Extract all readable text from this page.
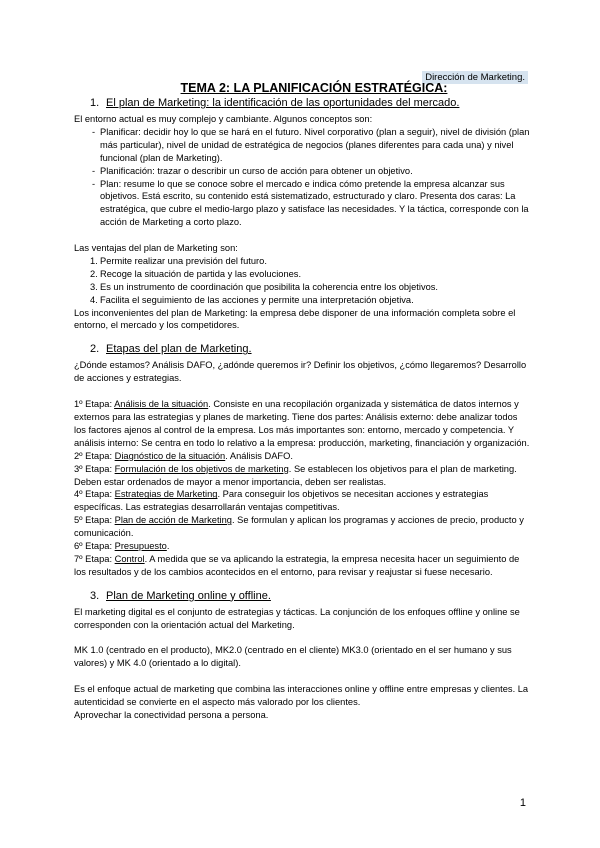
Dirección de Marketing.
TEMA 2: LA PLANIFICACIÓN ESTRATÉGICA:
1. El plan de Marketing: la identificación de las oportunidades del mercado.

El entorno actual es muy complejo y cambiante. Algunos conceptos son:

- Planificar: decidir hoy lo que se hará en el futuro. Nivel corporativo (plan a seguir), nivel de división (plan más particular), nivel de unidad de estratégica de negocios (planes diferentes para cada una) y nivel funcional (plan de Marketing).
- Planificación: trazar o describir un curso de acción para obtener un objetivo.
- Plan: resume lo que se conoce sobre el mercado e indica cómo pretende la empresa alcanzar sus objetivos. Está escrito, su contenido está sistematizado, estructurado y claro. Presenta dos caras: La estratégica, que cubre el medio-largo plazo y satisface las necesidades. Y la táctica, corresponde con la acción de Marketing a corto plazo.

Las ventajas del plan de Marketing son:

1. Permite realizar una previsión del futuro.
2. Recoge la situación de partida y las evoluciones.
3. Es un instrumento de coordinación que posibilita la coherencia entre los objetivos.
4. Facilita el seguimiento de las acciones y permite una interpretación objetiva.

Los inconvenientes del plan de Marketing: la empresa debe disponer de una información completa sobre el entorno, el mercado y los competidores.

2. Etapas del plan de Marketing.

¿Dónde estamos? Análisis DAFO, ¿adónde queremos ir? Definir los objetivos, ¿cómo llegaremos? Desarrollo de acciones y estrategias.

1º Etapa: Análisis de la situación. Consiste en una recopilación organizada y sistemática de datos internos y externos para las estrategias y planes de marketing. Tiene dos partes: Análisis externo: debe analizar todos los factores ajenos al control de la empresa. Los más importantes son: entorno, mercado y competencia. Y análisis interno: Se centra en todo lo relativo a la empresa: producción, marketing, financiación y organización.

2º Etapa: Diagnóstico de la situación. Análisis DAFO.

3º Etapa: Formulación de los objetivos de marketing. Se establecen los objetivos para el plan de marketing. Deben estar ordenados de mayor a menor importancia, deben ser realistas.

4º Etapa: Estrategias de Marketing. Para conseguir los objetivos se necesitan acciones y estrategias específicas. Las estrategias desarrollarán ventajas competitivas.

5º Etapa: Plan de acción de Marketing. Se formulan y aplican los programas y acciones de precio, producto y comunicación.

6º Etapa: Presupuesto.

7º Etapa: Control. A medida que se va aplicando la estrategia, la empresa necesita hacer un seguimiento de los resultados y de los cambios acontecidos en el entorno, para revisar y reajustar si fuese necesario.

3. Plan de Marketing online y offline.

El marketing digital es el conjunto de estrategias y tácticas. La conjunción de los enfoques offline y online se corresponden con la orientación actual del Marketing.

MK 1.0 (centrado en el producto), MK2.0 (centrado en el cliente) MK3.0 (orientado en el ser humano y sus valores) y MK 4.0 (orientado a lo digital).

Es el enfoque actual de marketing que combina las interacciones online y offline entre empresas y clientes. La autenticidad se convierte en el aspecto más valorado por los clientes.

Aprovechar la conectividad persona a persona.

1
